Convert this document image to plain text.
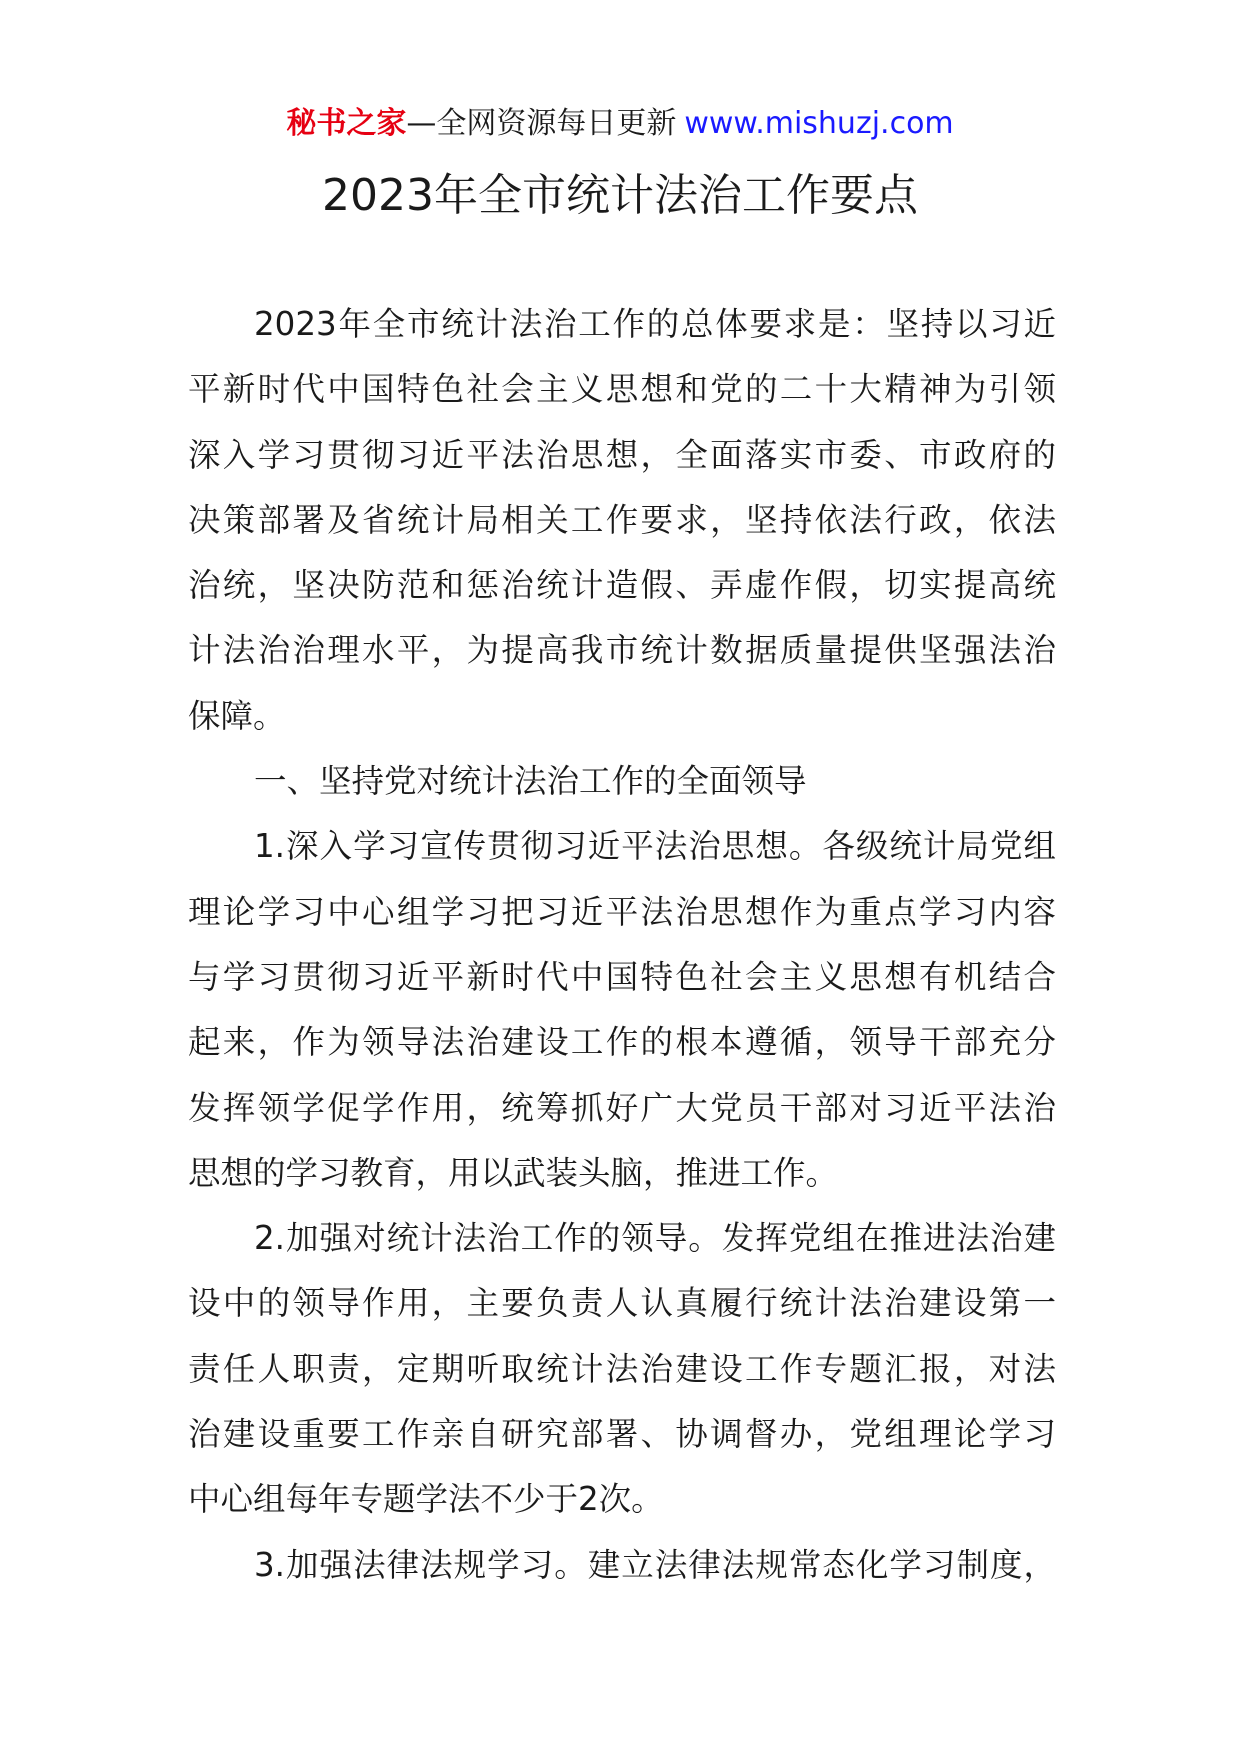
秘书之家—全网资源每日更新 www.mishuzj.com
2023年全市统计法治工作要点
2023年全市统计法治工作的总体要求是：坚持以习近
平新时代中国特色社会主义思想和党的二十大精神为引领
深入学习贯彻习近平法治思想，全面落实市委、市政府的
决策部署及省统计局相关工作要求，坚持依法行政，依法
治统，坚决防范和惩治统计造假、弄虚作假，切实提高统
计法治治理水平，为提高我市统计数据质量提供坚强法治
保障。
一、坚持党对统计法治工作的全面领导
1.深入学习宣传贯彻习近平法治思想。各级统计局党组
理论学习中心组学习把习近平法治思想作为重点学习内容
与学习贯彻习近平新时代中国特色社会主义思想有机结合
起来，作为领导法治建设工作的根本遵循，领导干部充分
发挥领学促学作用，统筹抓好广大党员干部对习近平法治
思想的学习教育，用以武装头脑，推进工作。
2.加强对统计法治工作的领导。发挥党组在推进法治建
设中的领导作用，主要负责人认真履行统计法治建设第一
责任人职责，定期听取统计法治建设工作专题汇报，对法
治建设重要工作亲自研究部署、协调督办，党组理论学习
中心组每年专题学法不少于2次。
3.加强法律法规学习。建立法律法规常态化学习制度，
